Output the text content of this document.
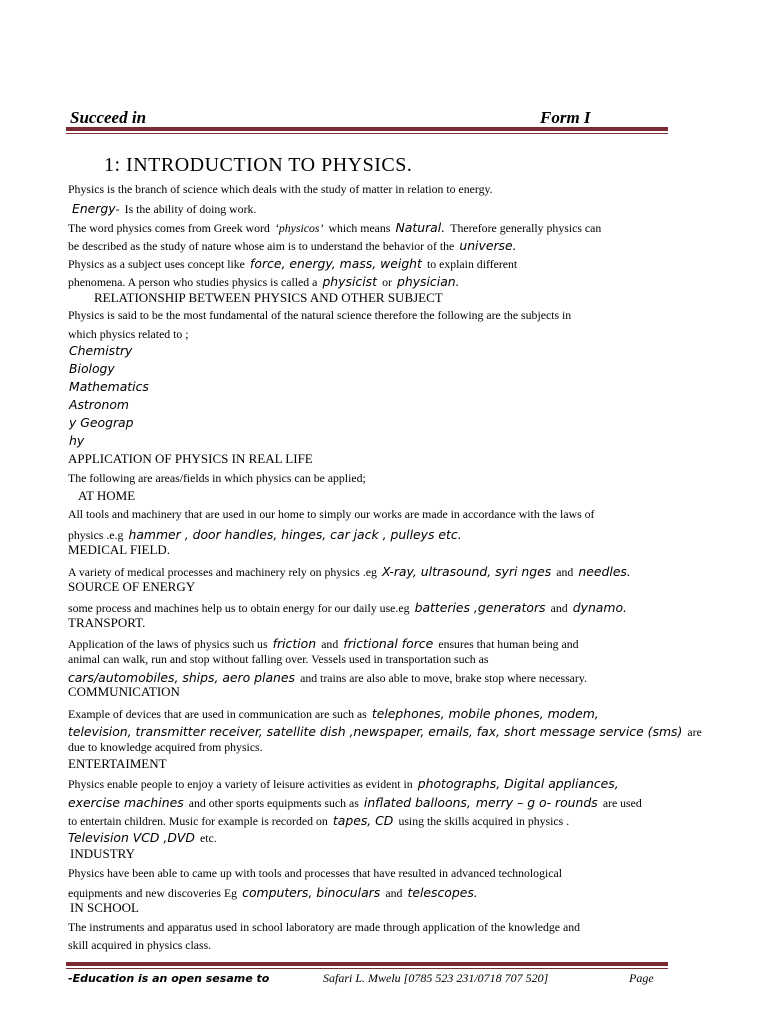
Succeed in	Form I
1: INTRODUCTION TO PHYSICS.
Physics is the branch of science which deals with the study of matter in relation to energy.
Energy- Is the ability of doing work.
The word physics comes from Greek word ‘physicos’ which means Natural. Therefore generally physics can
be described as the study of nature whose aim is to understand the behavior of the universe.
Physics as a subject uses concept like force, energy, mass, weight to explain different
phenomena. A person who studies physics is called a physicist or physician.
RELATIONSHIP BETWEEN PHYSICS AND OTHER SUBJECT
Physics is said to be the most fundamental of the natural science therefore the following are the subjects in
which physics related to ;
Chemistry
Biology
Mathematics
Astronom
y Geograp
hy
APPLICATION OF PHYSICS IN REAL LIFE
The following are areas/fields in which physics can be applied;
AT HOME
All tools and machinery that are used in our home to simply our works are made in accordance with the laws of
physics .e.g hammer , door handles, hinges, car jack , pulleys etc.
MEDICAL FIELD.
A variety of medical processes and machinery rely on physics .eg X-ray, ultrasound, syri nges and needles.
SOURCE OF ENERGY
some process and machines help us to obtain energy for our daily use.eg batteries ,generators and dynamo.
TRANSPORT.
Application of the laws of physics such us friction and frictional force ensures that human being and
animal can walk, run and stop without falling over. Vessels used in transportation such as
cars/automobiles, ships, aero planes and trains are also able to move, brake stop where necessary.
COMMUNICATION
Example of devices that are used in communication are such as telephones, mobile phones, modem,
television, transmitter receiver, satellite dish ,newspaper, emails, fax, short message service (sms) are
due to knowledge acquired from physics.
ENTERTAIMENT
Physics enable people to enjoy a variety of leisure activities as evident in photographs, Digital appliances,
exercise machines and other sports equipments such as inflated balloons, merry – g o- rounds are used
to entertain children. Music for example is recorded on tapes, CD using the skills acquired in physics .
Television VCD ,DVD etc.
INDUSTRY
Physics have been able to came up with tools and processes that have resulted in advanced technological
equipments and new discoveries Eg computers, binoculars and telescopes.
IN SCHOOL
The instruments and apparatus used in school laboratory are made through application of the knowledge and
skill acquired in physics class.
-Education is an open sesame to	Safari L. Mwelu [0785 523 231/0718 707 520]	Page
